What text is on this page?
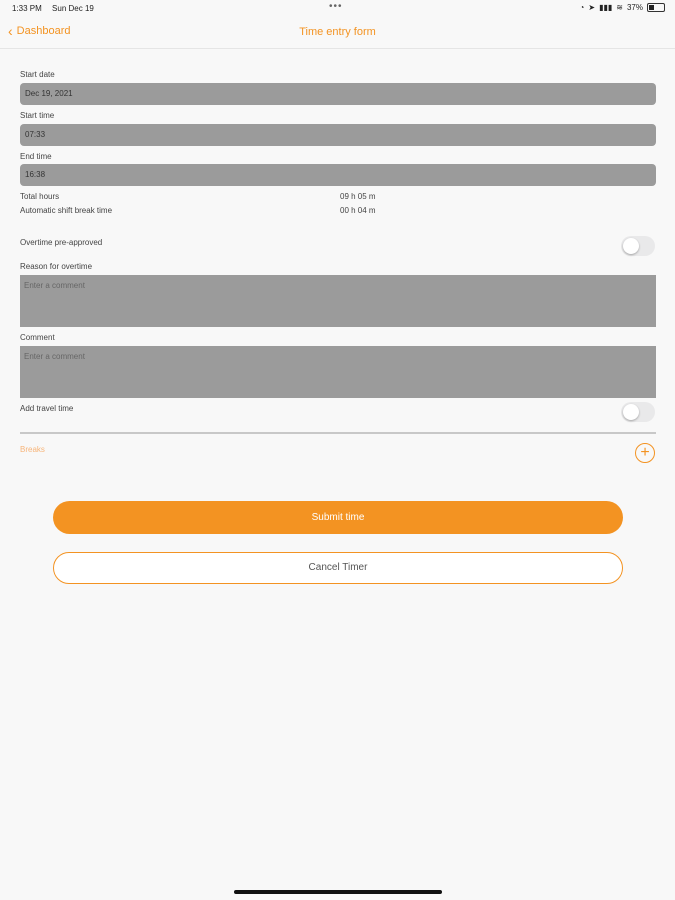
1:33 PM Sun Dec 19	•••	◔ ➤ ▮▮▮ ≋ 37%
‹ Dashboard	Time entry form
Start date
Dec 19, 2021
Start time
07:33
End time
16:38
Total hours	09 h 05 m
Automatic shift break time	00 h 04 m
Overtime pre-approved
Reason for overtime
Enter a comment
Comment
Enter a comment
Add travel time
Breaks	+
Submit time
Cancel Timer
